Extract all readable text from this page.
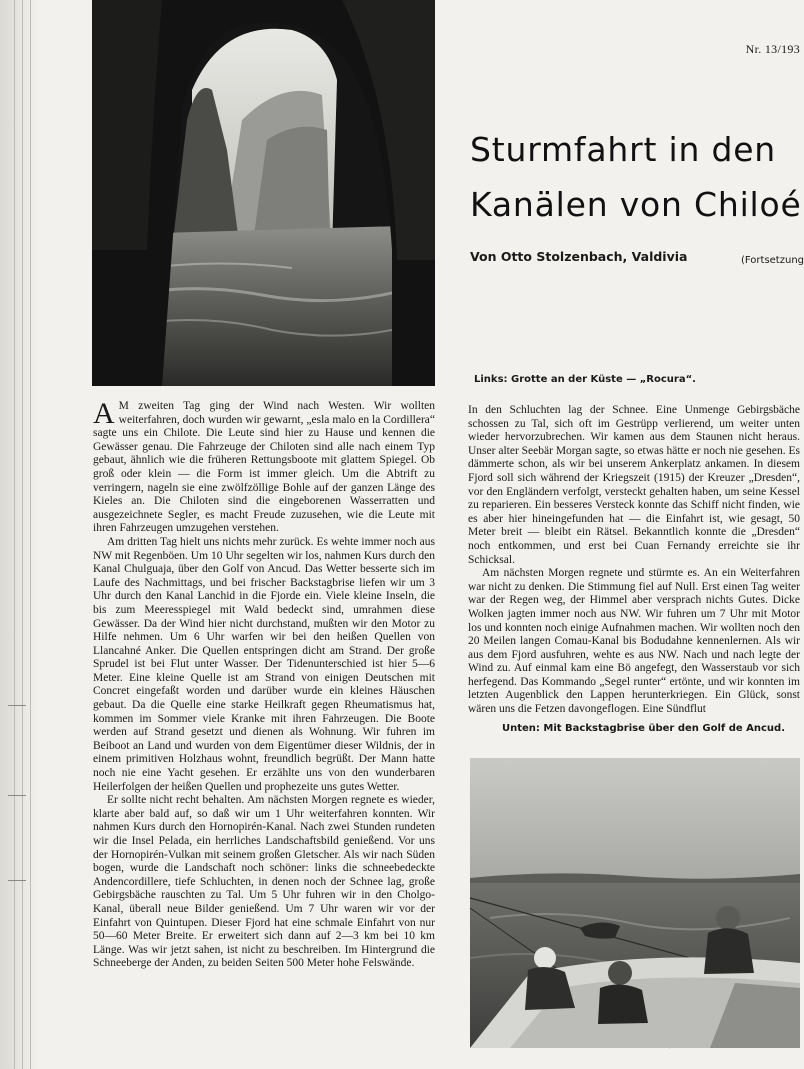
Nr. 13/193
Sturmfahrt in den
Kanälen von Chiloé
Von Otto Stolzenbach, Valdivia	(Fortsetzung
Links: Grotte an der Küste — „Rocura“.

A M zweiten Tag ging der Wind nach Westen. Wir wollten weiterfahren, doch wurden wir gewarnt, „esla malo en la Cordillera“ sagte uns ein Chilote. Die Leute sind hier zu Hause und kennen die Gewässer genau. Die Fahrzeuge der Chiloten sind alle nach einem Typ gebaut, ähnlich wie die früheren Rettungsboote mit glattem Spiegel. Ob groß oder klein — die Form ist immer gleich. Um die Abtrift zu verringern, nageln sie eine zwölfzöllige Bohle auf der ganzen Länge des Kieles an. Die Chiloten sind die eingeborenen Wasserratten und ausgezeichnete Segler, es macht Freude zuzusehen, wie die Leute mit ihren Fahrzeugen umzugehen verstehen.

Am dritten Tag hielt uns nichts mehr zurück. Es wehte immer noch aus NW mit Regenböen. Um 10 Uhr segelten wir los, nahmen Kurs durch den Kanal Chulguaja, über den Golf von Ancud. Das Wetter besserte sich im Laufe des Nachmittags, und bei frischer Backstagbrise liefen wir um 3 Uhr durch den Kanal Lanchid in die Fjorde ein. Viele kleine Inseln, die bis zum Meeresspiegel mit Wald bedeckt sind, umrahmen diese Gewässer. Da der Wind hier nicht durchstand, mußten wir den Motor zu Hilfe nehmen. Um 6 Uhr warfen wir bei den heißen Quellen von Llancahné Anker. Die Quellen entspringen dicht am Strand. Der große Sprudel ist bei Flut unter Wasser. Der Tidenunterschied ist hier 5—6 Meter. Eine kleine Quelle ist am Strand von einigen Deutschen mit Concret eingefaßt worden und darüber wurde ein kleines Häuschen gebaut. Da die Quelle eine starke Heilkraft gegen Rheumatismus hat, kommen im Sommer viele Kranke mit ihren Fahrzeugen. Die Boote werden auf Strand gesetzt und dienen als Wohnung. Wir fuhren im Beiboot an Land und wurden von dem Eigentümer dieser Wildnis, der in einem primitiven Holzhaus wohnt, freundlich begrüßt. Der Mann hatte noch nie eine Yacht gesehen. Er erzählte uns von den wunderbaren Heilerfolgen der heißen Quellen und prophezeite uns gutes Wetter.

Er sollte nicht recht behalten. Am nächsten Morgen regnete es wieder, klarte aber bald auf, so daß wir um 1 Uhr weiterfahren konnten. Wir nahmen Kurs durch den Hornopirén-Kanal. Nach zwei Stunden rundeten wir die Insel Pelada, ein herrliches Landschaftsbild genießend. Vor uns der Hornopirén-Vulkan mit seinem großen Gletscher. Als wir nach Süden bogen, wurde die Landschaft noch schöner: links die schneebedeckte Andencordillere, tiefe Schluchten, in denen noch der Schnee lag, große Gebirgsbäche rauschten zu Tal. Um 5 Uhr fuhren wir in den Cholgo-Kanal, überall neue Bilder genießend. Um 7 Uhr waren wir vor der Einfahrt von Quintupen. Dieser Fjord hat eine schmale Einfahrt von nur 50—60 Meter Breite. Er erweitert sich dann auf 2—3 km bei 10 km Länge. Was wir jetzt sahen, ist nicht zu beschreiben. Im Hintergrund die Schneeberge der Anden, zu beiden Seiten 500 Meter hohe Felswände.

In den Schluchten lag der Schnee. Eine Unmenge Gebirgsbäche schossen zu Tal, sich oft im Gestrüpp verlierend, um weiter unten wieder hervorzubrechen. Wir kamen aus dem Staunen nicht heraus. Unser alter Seebär Morgan sagte, so etwas hätte er noch nie gesehen. Es dämmerte schon, als wir bei unserem Ankerplatz ankamen. In diesem Fjord soll sich während der Kriegszeit (1915) der Kreuzer „Dresden“, vor den Engländern verfolgt, versteckt gehalten haben, um seine Kessel zu reparieren. Ein besseres Versteck konnte das Schiff nicht finden, wie es aber hier hineingefunden hat — die Einfahrt ist, wie gesagt, 50 Meter breit — bleibt ein Rätsel. Bekanntlich konnte die „Dresden“ noch entkommen, und erst bei Cuan Fernandy erreichte sie ihr Schicksal.

Am nächsten Morgen regnete und stürmte es. An ein Weiterfahren war nicht zu denken. Die Stimmung fiel auf Null. Erst einen Tag weiter war der Regen weg, der Himmel aber versprach nichts Gutes. Dicke Wolken jagten immer noch aus NW. Wir fuhren um 7 Uhr mit Motor los und konnten noch einige Aufnahmen machen. Wir wollten noch den 20 Meilen langen Comau-Kanal bis Bodudahne kennenlernen. Als wir aus dem Fjord ausfuhren, wehte es aus NW. Nach und nach legte der Wind zu. Auf einmal kam eine Bö angefegt, den Wasserstaub vor sich herfegend. Das Kommando „Segel runter“ ertönte, und wir konnten im letzten Augenblick den Lappen herunterkriegen. Ein Glück, sonst wären uns die Fetzen davongeflogen. Eine Sündflut

Unten: Mit Backstagbrise über den Golf de Ancud.
